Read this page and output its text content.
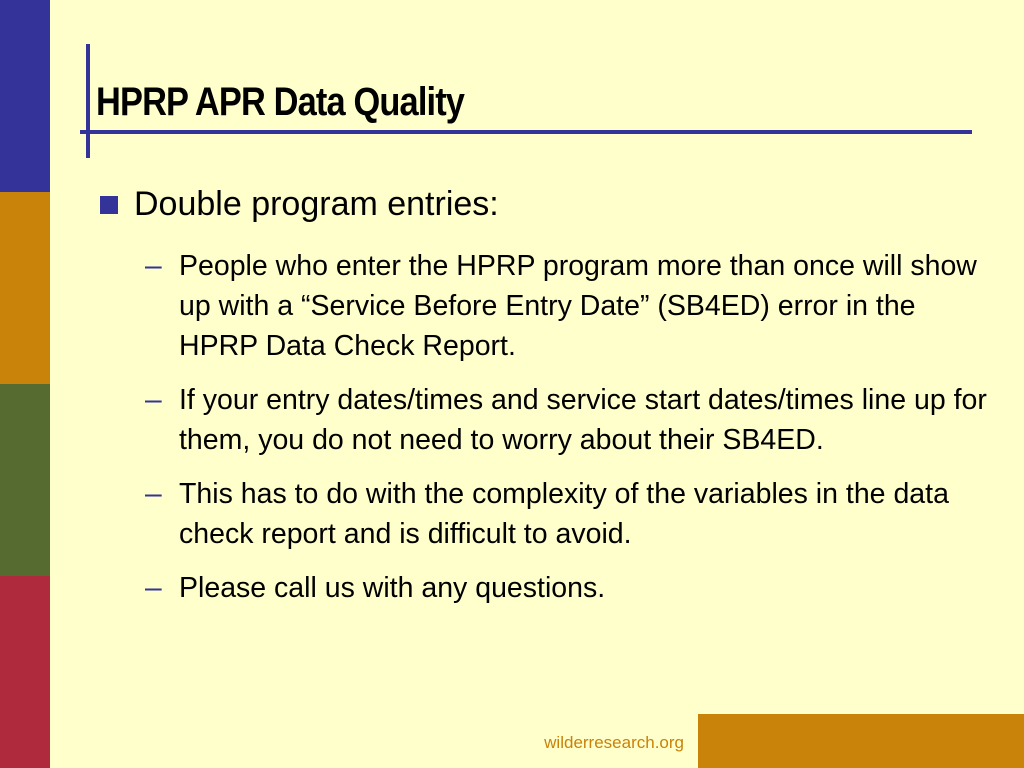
HPRP APR Data Quality
Double program entries:
– People who enter the HPRP program more than once will show up with a “Service Before Entry Date” (SB4ED) error in the HPRP Data Check Report.
– If your entry dates/times and service start dates/times line up for them, you do not need to worry about their SB4ED.
– This has to do with the complexity of the variables in the data check report and is difficult to avoid.
– Please call us with any questions.
wilderresearch.org
